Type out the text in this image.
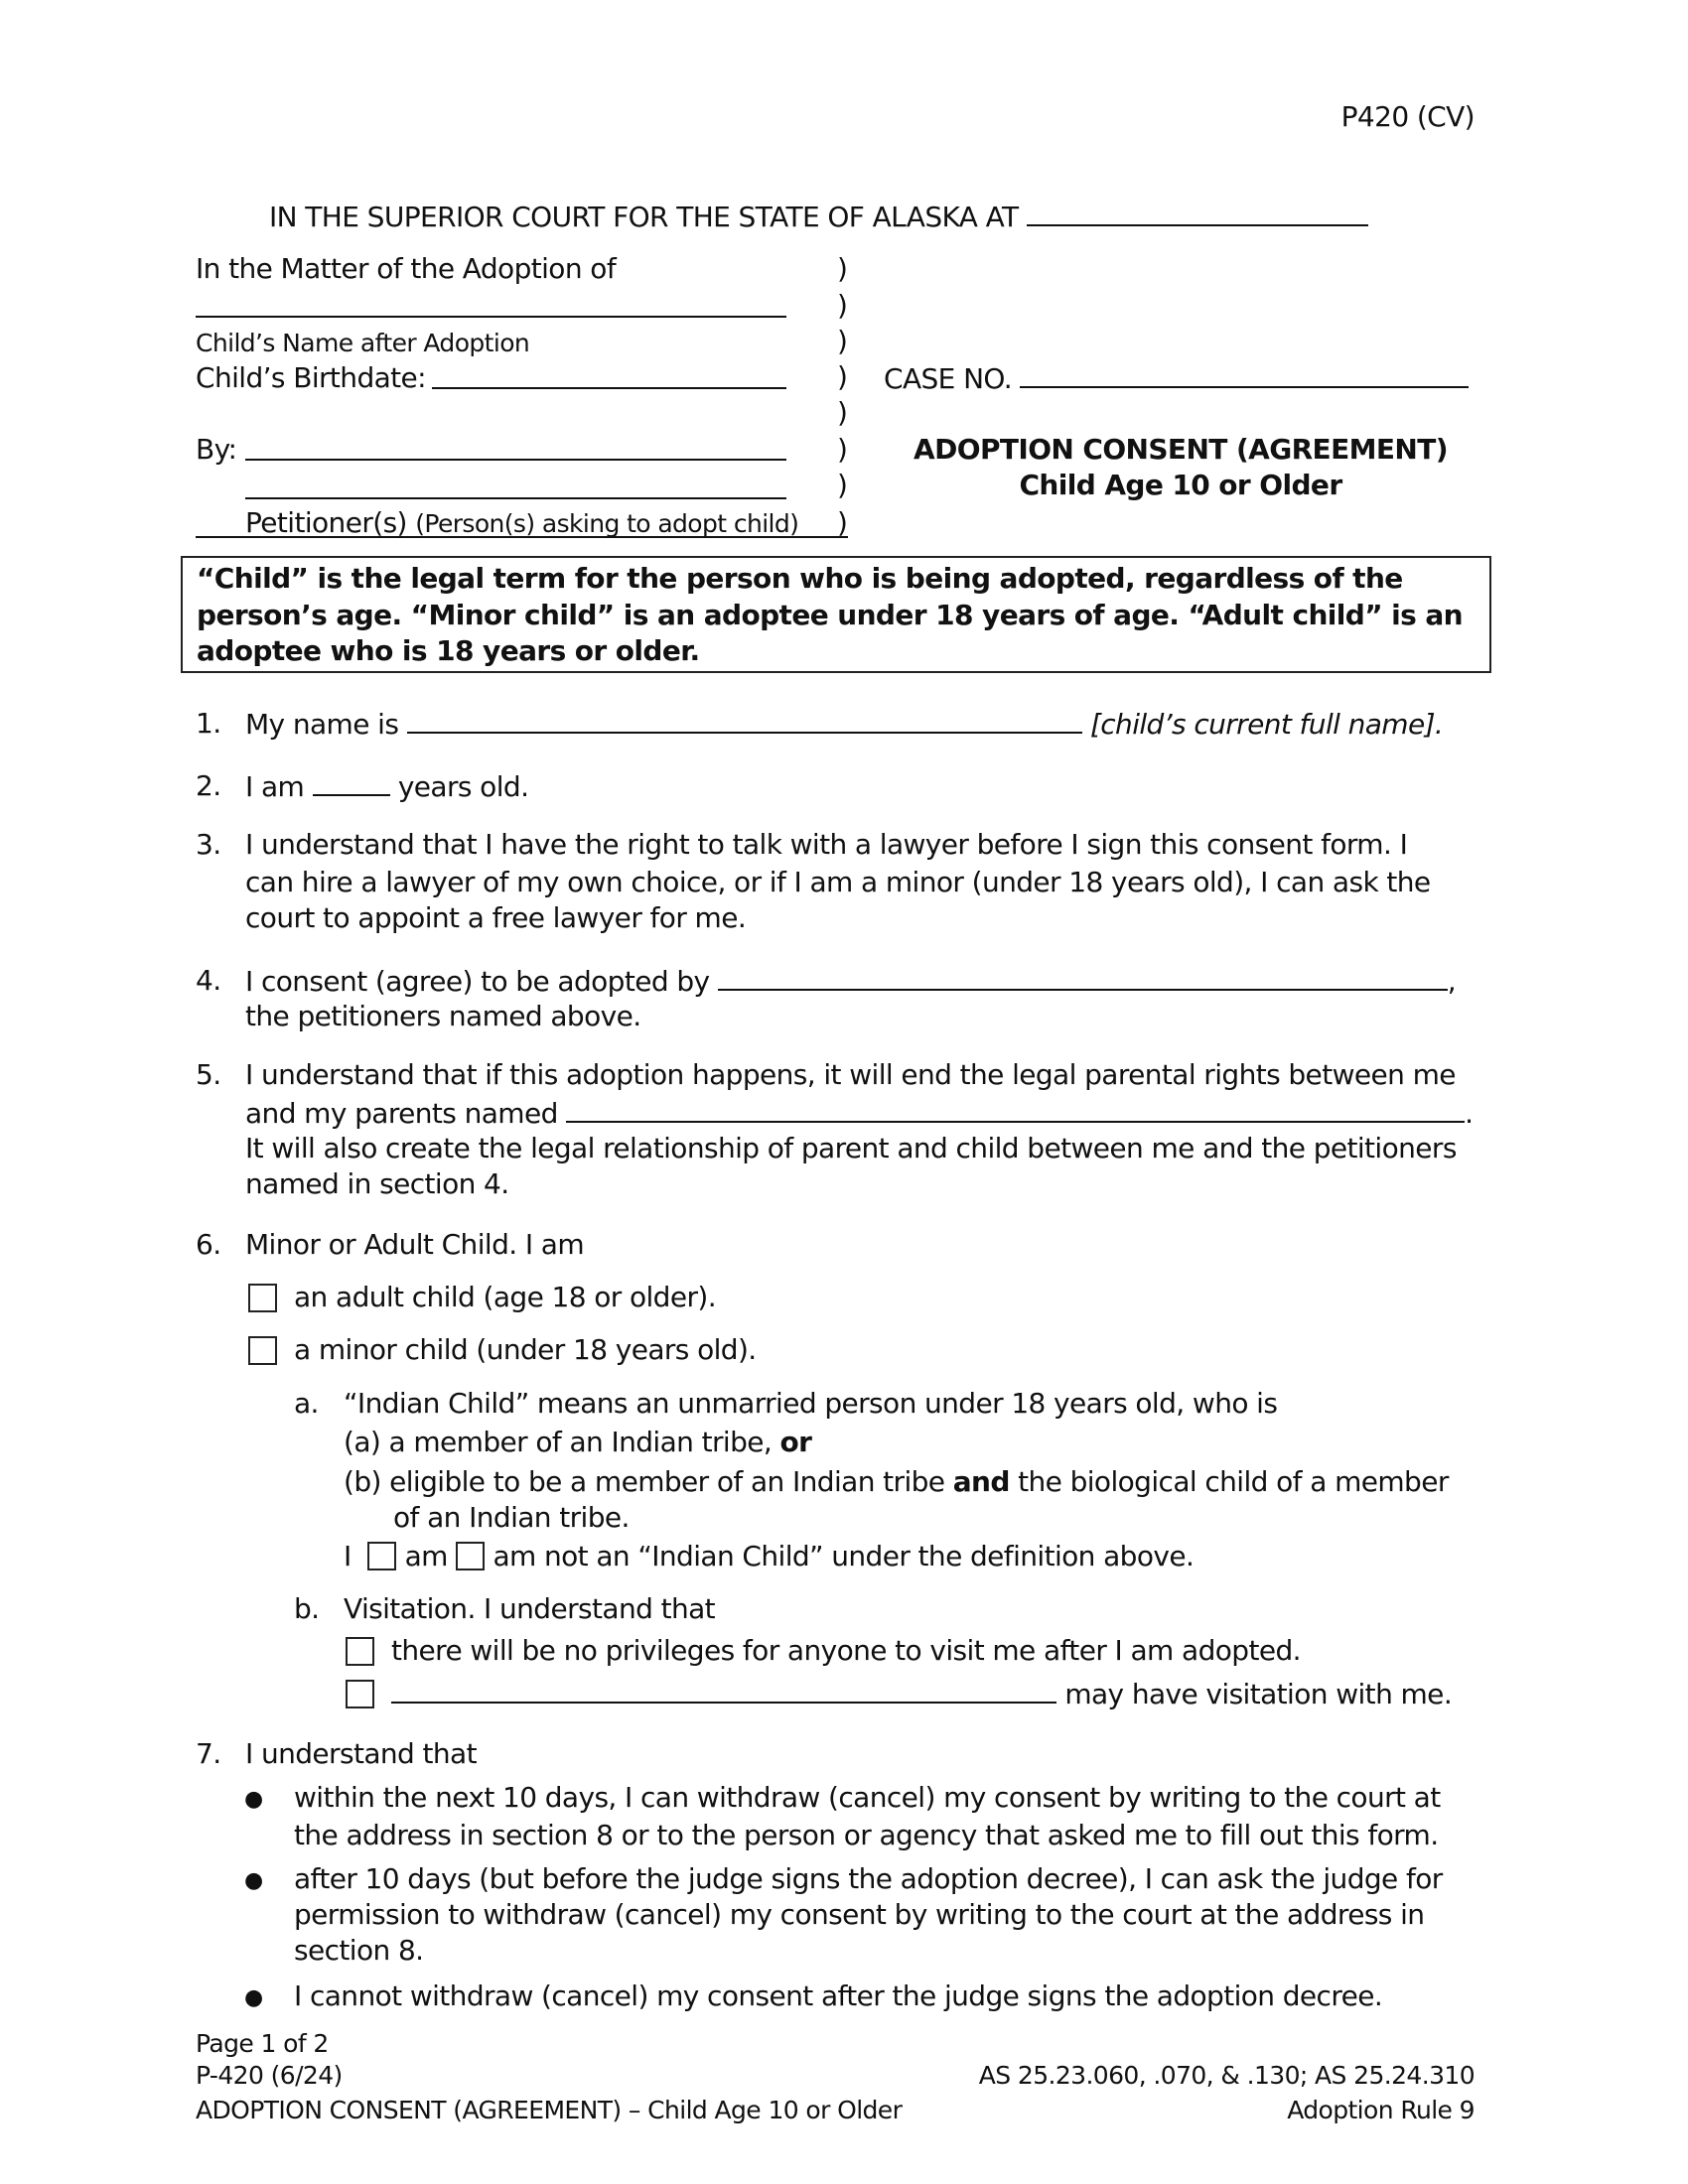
P420 (CV)
IN THE SUPERIOR COURT FOR THE STATE OF ALASKA AT
In the Matter of the Adoption of
Child’s Name after Adoption
Child’s Birthdate:
By:
Petitioner(s) (Person(s) asking to adopt child)
)
)
)
)
)
)
)
)
CASE NO.
ADOPTION CONSENT (AGREEMENT)
Child Age 10 or Older
“Child” is the legal term for the person who is being adopted, regardless of the
person’s age. “Minor child” is an adoptee under 18 years of age. “Adult child” is an
adoptee who is 18 years or older.
1. My name is	[child’s current full name].
2. I am	years old.
3. I understand that I have the right to talk with a lawyer before I sign this consent form. I
can hire a lawyer of my own choice, or if I am a minor (under 18 years old), I can ask the
court to appoint a free lawyer for me.
4. I consent (agree) to be adopted by	,
the petitioners named above.
5. I understand that if this adoption happens, it will end the legal parental rights between me
and my parents named	.
It will also create the legal relationship of parent and child between me and the petitioners
named in section 4.
6. Minor or Adult Child. I am
an adult child (age 18 or older).
a minor child (under 18 years old).
a. “Indian Child” means an unmarried person under 18 years old, who is
(a) a member of an Indian tribe, or
(b) eligible to be a member of an Indian tribe and the biological child of a member
of an Indian tribe.
I am am not an “Indian Child” under the definition above.
b. Visitation. I understand that
there will be no privileges for anyone to visit me after I am adopted.
may have visitation with me.
7. I understand that
● within the next 10 days, I can withdraw (cancel) my consent by writing to the court at
the address in section 8 or to the person or agency that asked me to fill out this form.
● after 10 days (but before the judge signs the adoption decree), I can ask the judge for
permission to withdraw (cancel) my consent by writing to the court at the address in
section 8.
● I cannot withdraw (cancel) my consent after the judge signs the adoption decree.
Page 1 of 2
P-420 (6/24)
ADOPTION CONSENT (AGREEMENT) – Child Age 10 or Older
AS 25.23.060, .070, & .130; AS 25.24.310
Adoption Rule 9
